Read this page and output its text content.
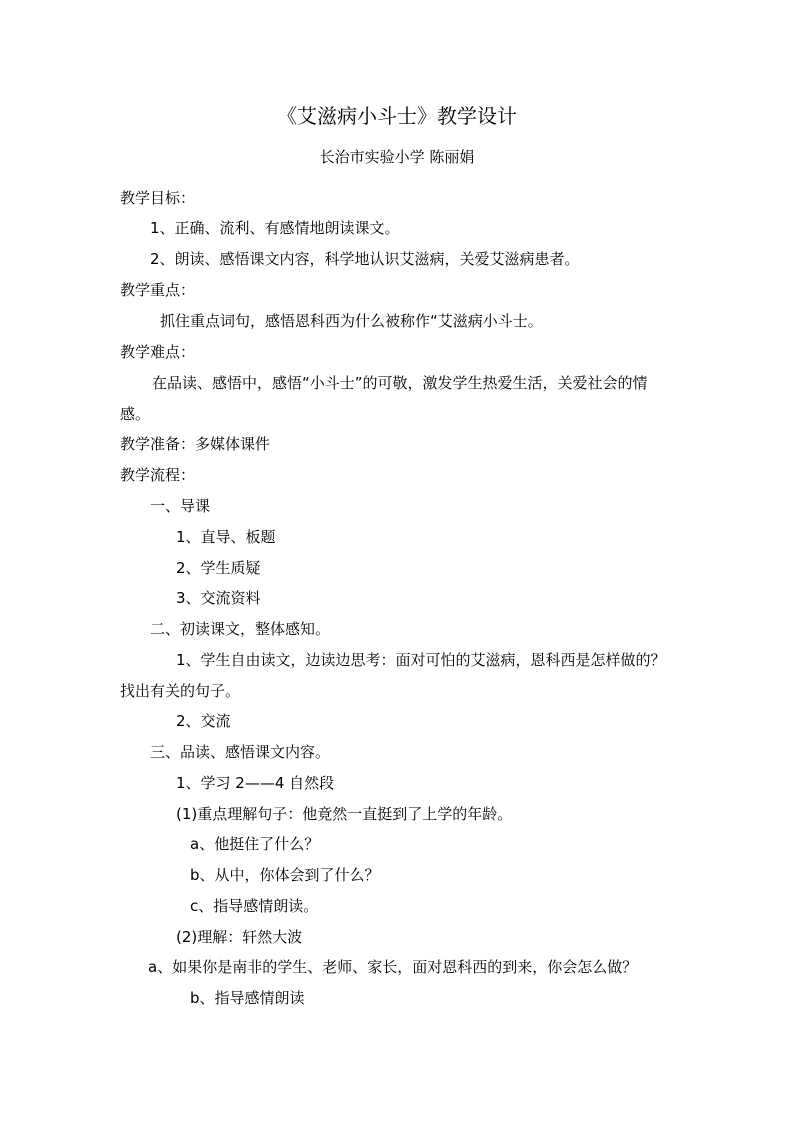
《艾滋病小斗士》教学设计
长治市实验小学 陈丽娟
教学目标：
1、正确、流利、有感情地朗读课文。
2、朗读、感悟课文内容，科学地认识艾滋病，关爱艾滋病患者。
教学重点：
抓住重点词句，感悟恩科西为什么被称作“艾滋病小斗士。
教学难点：
在品读、感悟中，感悟“小斗士”的可敬，激发学生热爱生活，关爱社会的情
感。
教学准备：多媒体课件
教学流程：
一、导课
1、直导、板题
2、学生质疑
3、交流资料
二、初读课文，整体感知。
1、学生自由读文，边读边思考：面对可怕的艾滋病，恩科西是怎样做的？
找出有关的句子。
2、交流
三、品读、感悟课文内容。
1、学习 2——4 自然段
(1)重点理解句子：他竟然一直挺到了上学的年龄。
a、他挺住了什么？
b、从中，你体会到了什么？
c、指导感情朗读。
(2)理解：轩然大波
a、如果你是南非的学生、老师、家长，面对恩科西的到来，你会怎么做？
b、指导感情朗读
